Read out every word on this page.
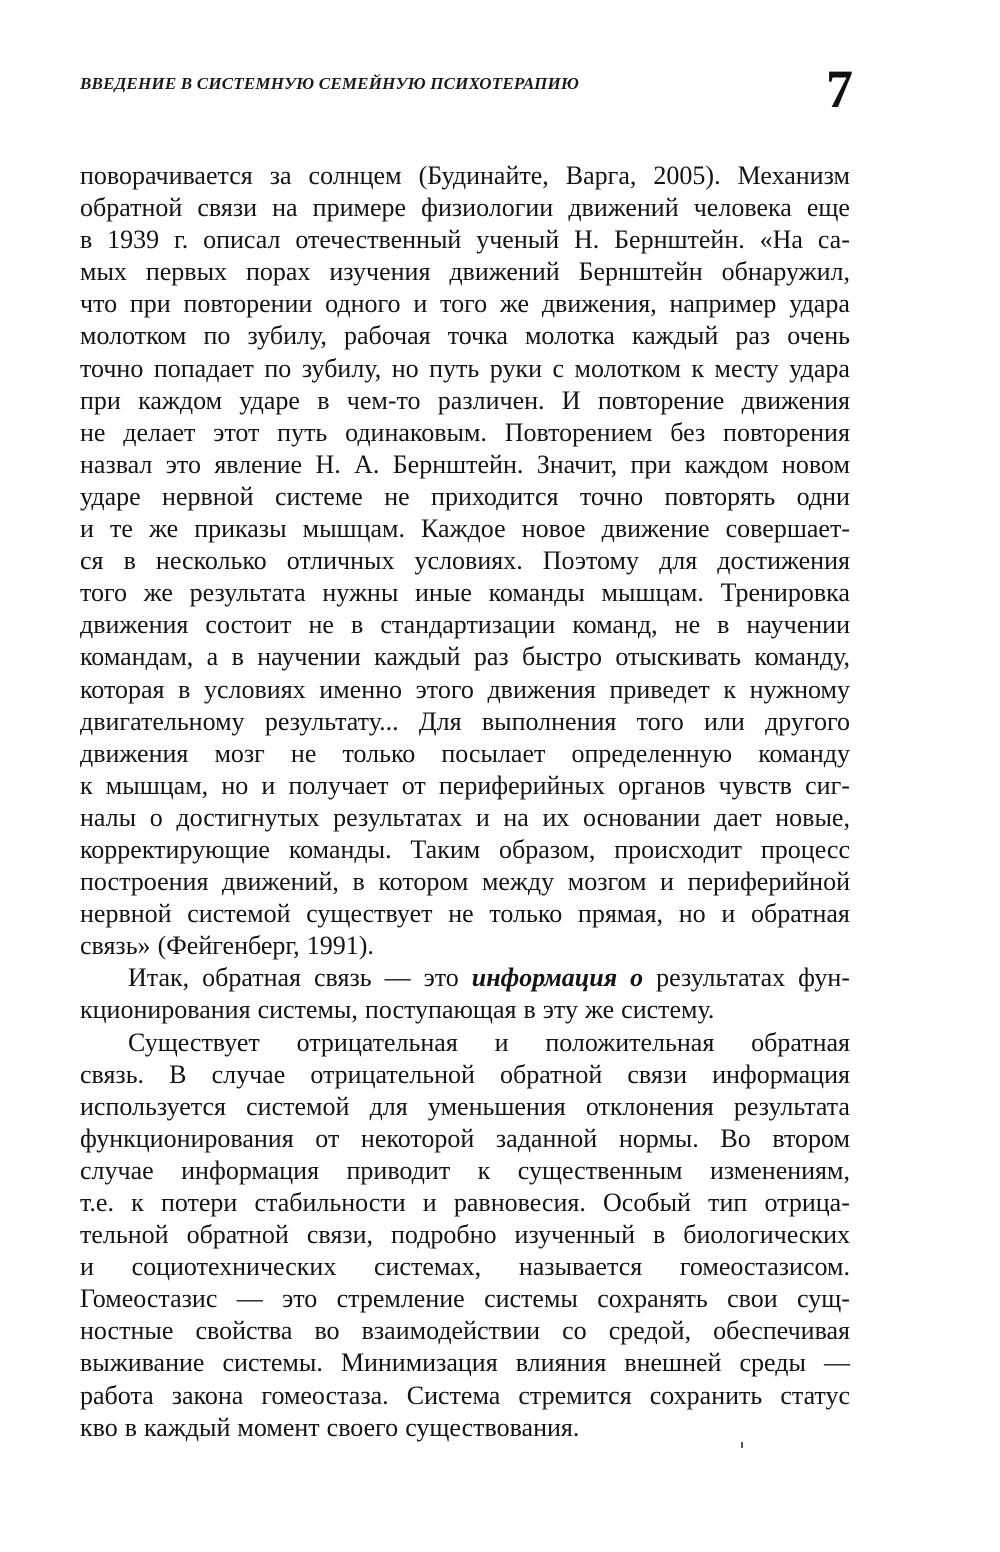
ВВЕДЕНИЕ В СИСТЕМНУЮ СЕМЕЙНУЮ ПСИХОТЕРАПИЮ	7
поворачивается за солнцем (Будинайте, Варга, 2005). Механизм
обратной связи на примере физиологии движений человека еще
в 1939 г. описал отечественный ученый Н. Бернштейн. «На са-
мых первых порах изучения движений Бернштейн обнаружил,
что при повторении одного и того же движения, например удара
молотком по зубилу, рабочая точка молотка каждый раз очень
точно попадает по зубилу, но путь руки с молотком к месту удара
при каждом ударе в чем-то различен. И повторение движения
не делает этот путь одинаковым. Повторением без повторения
назвал это явление Н. А. Бернштейн. Значит, при каждом новом
ударе нервной системе не приходится точно повторять одни
и те же приказы мышцам. Каждое новое движение совершает-
ся в несколько отличных условиях. Поэтому для достижения
того же результата нужны иные команды мышцам. Тренировка
движения состоит не в стандартизации команд, не в научении
командам, а в научении каждый раз быстро отыскивать команду,
которая в условиях именно этого движения приведет к нужному
двигательному результату... Для выполнения того или другого
движения мозг не только посылает определенную команду
к мышцам, но и получает от периферийных органов чувств сиг-
налы о достигнутых результатах и на их основании дает новые,
корректирующие команды. Таким образом, происходит процесс
построения движений, в котором между мозгом и периферийной
нервной системой существует не только прямая, но и обратная
связь» (Фейгенберг, 1991).
Итак, обратная связь — это информация о результатах фун-
кционирования системы, поступающая в эту же систему.
Существует отрицательная и положительная обратная
связь. В случае отрицательной обратной связи информация
используется системой для уменьшения отклонения результата
функционирования от некоторой заданной нормы. Во втором
случае информация приводит к существенным изменениям,
т.е. к потери стабильности и равновесия. Особый тип отрица-
тельной обратной связи, подробно изученный в биологических
и социотехнических системах, называется гомеостазисом.
Гомеостазис — это стремление системы сохранять свои сущ-
ностные свойства во взаимодействии со средой, обеспечивая
выживание системы. Минимизация влияния внешней среды —
работа закона гомеостаза. Система стремится сохранить статус
кво в каждый момент своего существования.
